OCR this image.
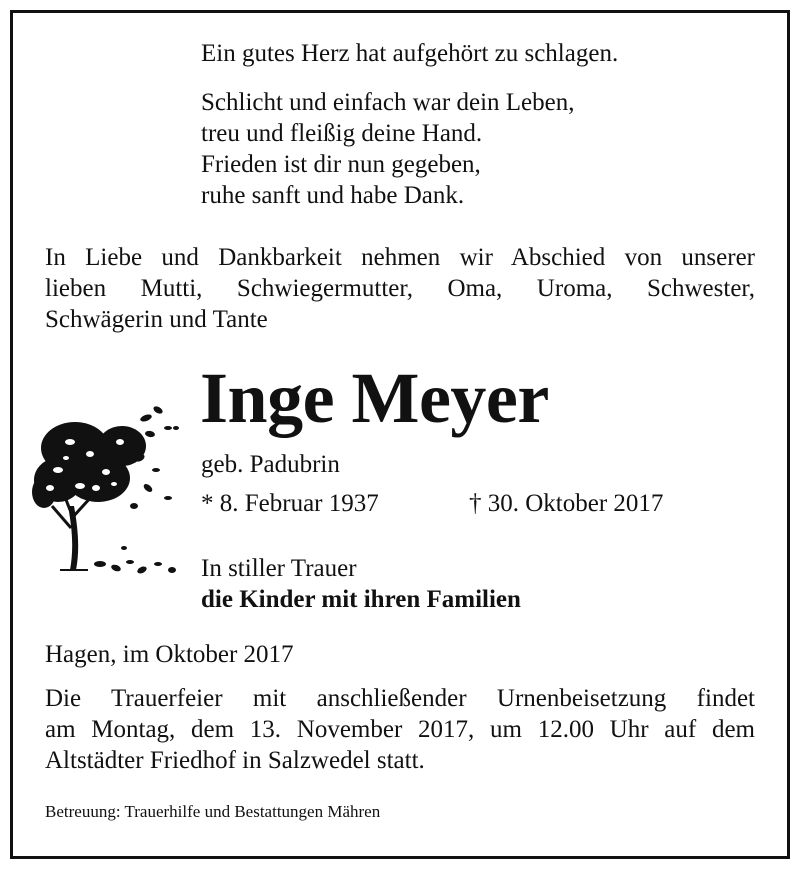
Ein gutes Herz hat aufgehört zu schlagen.
Schlicht und einfach war dein Leben,
treu und fleißig deine Hand.
Frieden ist dir nun gegeben,
ruhe sanft und habe Dank.
In Liebe und Dankbarkeit nehmen wir Abschied von unserer
lieben Mutti, Schwiegermutter, Oma, Uroma, Schwester,
Schwägerin und Tante
Inge Meyer
geb. Padubrin
* 8. Februar 1937	† 30. Oktober 2017
In stiller Trauer
die Kinder mit ihren Familien
Hagen, im Oktober 2017
Die Trauerfeier mit anschließender Urnenbeisetzung findet
am Montag, dem 13. November 2017, um 12.00 Uhr auf dem
Altstädter Friedhof in Salzwedel statt.
Betreuung: Trauerhilfe und Bestattungen Mähren
